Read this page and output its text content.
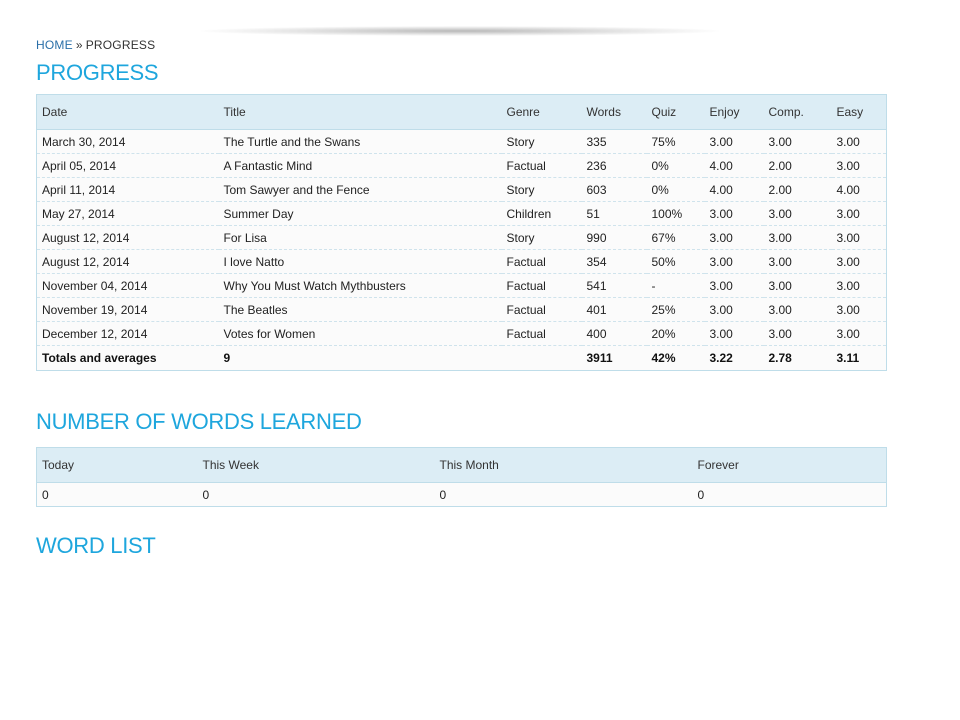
HOME » PROGRESS
PROGRESS
Date	Title	Genre	Words	Quiz	Enjoy	Comp.	Easy
March 30, 2014	The Turtle and the Swans	Story	335	75%	3.00	3.00	3.00
April 05, 2014	A Fantastic Mind	Factual	236	0%	4.00	2.00	3.00
April 11, 2014	Tom Sawyer and the Fence	Story	603	0%	4.00	2.00	4.00
May 27, 2014	Summer Day	Children	51	100%	3.00	3.00	3.00
August 12, 2014	For Lisa	Story	990	67%	3.00	3.00	3.00
August 12, 2014	I love Natto	Factual	354	50%	3.00	3.00	3.00
November 04, 2014	Why You Must Watch Mythbusters	Factual	541	-	3.00	3.00	3.00
November 19, 2014	The Beatles	Factual	401	25%	3.00	3.00	3.00
December 12, 2014	Votes for Women	Factual	400	20%	3.00	3.00	3.00
Totals and averages	9		3911	42%	3.22	2.78	3.11
NUMBER OF WORDS LEARNED
Today	This Week	This Month	Forever
0	0	0	0
WORD LIST
